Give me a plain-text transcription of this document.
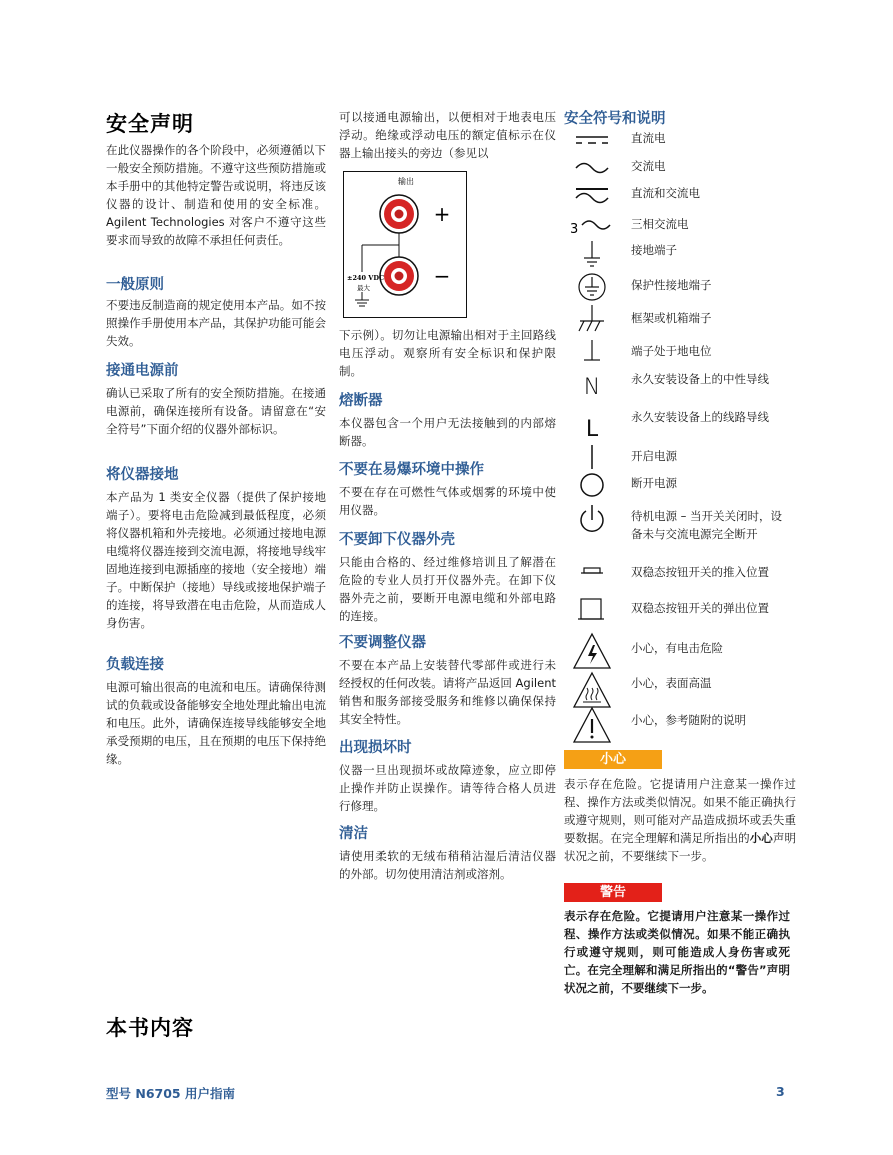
安全声明

在此仪器操作的各个阶段中，必须遵循以下一般安全预防措施。不遵守这些预防措施或本手册中的其他特定警告或说明，将违反该仪器的设计、制造和使用的安全标准。Agilent Technologies 对客户不遵守这些要求而导致的故障不承担任何责任。

一般原则

不要违反制造商的规定使用本产品。如不按照操作手册使用本产品，其保护功能可能会失效。

接通电源前

确认已采取了所有的安全预防措施。在接通电源前，确保连接所有设备。请留意在“安全符号”下面介绍的仪器外部标识。

将仪器接地

本产品为 1 类安全仪器（提供了保护接地端子）。要将电击危险减到最低程度，必须将仪器机箱和外壳接地。必须通过接地电源电缆将仪器连接到交流电源，将接地导线牢固地连接到电源插座的接地（安全接地）端子。中断保护（接地）导线或接地保护端子的连接，将导致潜在电击危险，从而造成人身伤害。

负载连接

电源可输出很高的电流和电压。请确保待测试的负载或设备能够安全地处理此输出电流和电压。此外，请确保连接导线能够安全地承受预期的电压，且在预期的电压下保持绝缘。

本书内容

可以接通电源输出，以便相对于地表电压浮动。绝缘或浮动电压的额定值标示在仪器上输出接头的旁边（参见以

下示例）。切勿让电源输出相对于主回路线电压浮动。观察所有安全标识和保护限制。

熔断器

本仪器包含一个用户无法接触到的内部熔断器。

不要在易爆环境中操作

不要在存在可燃性气体或烟雾的环境中使用仪器。

不要卸下仪器外壳

只能由合格的、经过维修培训且了解潜在危险的专业人员打开仪器外壳。在卸下仪器外壳之前，要断开电源电缆和外部电路的连接。

不要调整仪器

不要在本产品上安装替代零部件或进行未经授权的任何改装。请将产品返回 Agilent 销售和服务部接受服务和维修以确保保持其安全特性。

出现损坏时

仪器一旦出现损坏或故障迹象，应立即停止操作并防止误操作。请等待合格人员进行修理。

清洁

请使用柔软的无绒布稍稍沾湿后清洁仪器的外部。切勿使用清洁剂或溶剂。

输出
+
−
±240 VDC
最大
安全符号和说明
直流电
交流电
直流和交流电
3	三相交流电
接地端子
保护性接地端子
框架或机箱端子
端子处于地电位
N	永久安装设备上的中性导线
L	永久安装设备上的线路导线
开启电源
断开电源
待机电源 – 当开关关闭时，设备未与交流电源完全断开
双稳态按钮开关的推入位置
双稳态按钮开关的弹出位置
小心，有电击危险
小心，表面高温
小心，参考随附的说明
小心

表示存在危险。它提请用户注意某一操作过程、操作方法或类似情况。如果不能正确执行或遵守规则，则可能对产品造成损坏或丢失重要数据。在完全理解和满足所指出的小心声明状况之前，不要继续下一步。

警告

表示存在危险。它提请用户注意某一操作过程、操作方法或类似情况。如果不能正确执行或遵守规则，则可能造成人身伤害或死亡。在完全理解和满足所指出的“警告”声明状况之前，不要继续下一步。

型号 N6705 用户指南	3
